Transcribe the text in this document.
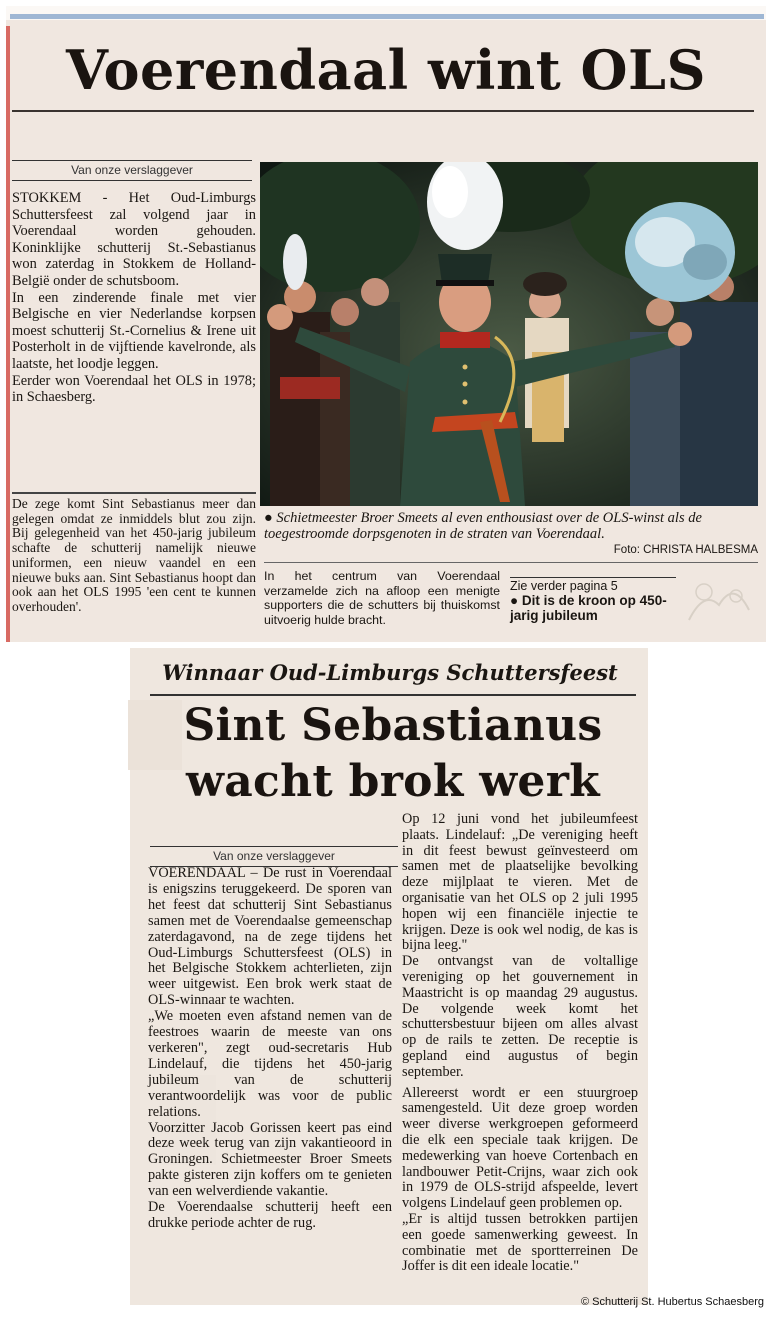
Voerendaal wint OLS
Van onze verslaggever

STOKKEM - Het Oud-Limburgs Schuttersfeest zal volgend jaar in Voerendaal worden gehouden. Koninklijke schutterij St.-Sebastianus won zaterdag in Stokkem de Holland-België onder de schutsboom.

In een zinderende finale met vier Belgische en vier Nederlandse korpsen moest schutterij St.-Cornelius & Irene uit Posterholt in de vijftiende kavelronde, als laatste, het loodje leggen.

Eerder won Voerendaal het OLS in 1978; in Schaesberg.

De zege komt Sint Sebastianus meer dan gelegen omdat ze inmiddels blut zou zijn. Bij gelegenheid van het 450-jarig jubileum schafte de schutterij namelijk nieuwe uniformen, een nieuw vaandel en een nieuwe buks aan. Sint Sebastianus hoopt dan ook aan het OLS 1995 'een cent te kunnen overhouden'.
● Schietmeester Broer Smeets al even enthousiast over de OLS-winst als de toegestroomde dorpsgenoten in de straten van Voerendaal.
Foto: CHRISTA HALBESMA
In het centrum van Voerendaal verzamelde zich na afloop een menigte supporters die de schutters bij thuiskomst uitvoerig hulde bracht.
Zie verder pagina 5
● Dit is de kroon op 450-jarig jubileum
Winnaar Oud-Limburgs Schuttersfeest
Sint Sebastianus
wacht brok werk
Van onze verslaggever

VOERENDAAL – De rust in Voerendaal is enigszins teruggekeerd. De sporen van het feest dat schutterij Sint Sebastianus samen met de Voerendaalse gemeenschap zaterdagavond, na de zege tijdens het Oud-Limburgs Schuttersfeest (OLS) in het Belgische Stokkem achterlieten, zijn weer uitgewist. Een brok werk staat de OLS-winnaar te wachten.

„We moeten even afstand nemen van de feestroes waarin de meeste van ons verkeren", zegt oud-secretaris Hub Lindelauf, die tijdens het 450-jarig jubileum van de schutterij verantwoordelijk was voor de public relations.

Voorzitter Jacob Gorissen keert pas eind deze week terug van zijn vakantieoord in Groningen. Schietmeester Broer Smeets pakte gisteren zijn koffers om te genieten van een welverdiende vakantie.

De Voerendaalse schutterij heeft een drukke periode achter de rug.

Op 12 juni vond het jubileumfeest plaats. Lindelauf: „De vereniging heeft in dit feest bewust geïnvesteerd om samen met de plaatselijke bevolking deze mijlplaat te vieren. Met de organisatie van het OLS op 2 juli 1995 hopen wij een financiële injectie te krijgen. Deze is ook wel nodig, de kas is bijna leeg."

De ontvangst van de voltallige vereniging op het gouvernement in Maastricht is op maandag 29 augustus. De volgende week komt het schuttersbestuur bijeen om alles alvast op de rails te zetten. De receptie is gepland eind augustus of begin september.

Allereerst wordt er een stuurgroep samengesteld. Uit deze groep worden weer diverse werkgroepen geformeerd die elk een speciale taak krijgen. De medewerking van hoeve Cortenbach en landbouwer Petit-Crijns, waar zich ook in 1979 de OLS-strijd afspeelde, levert volgens Lindelauf geen problemen op.

„Er is altijd tussen betrokken partijen een goede samenwerking geweest. In combinatie met de sportterreinen De Joffer is dit een ideale locatie."

© Schutterij St. Hubertus Schaesberg
